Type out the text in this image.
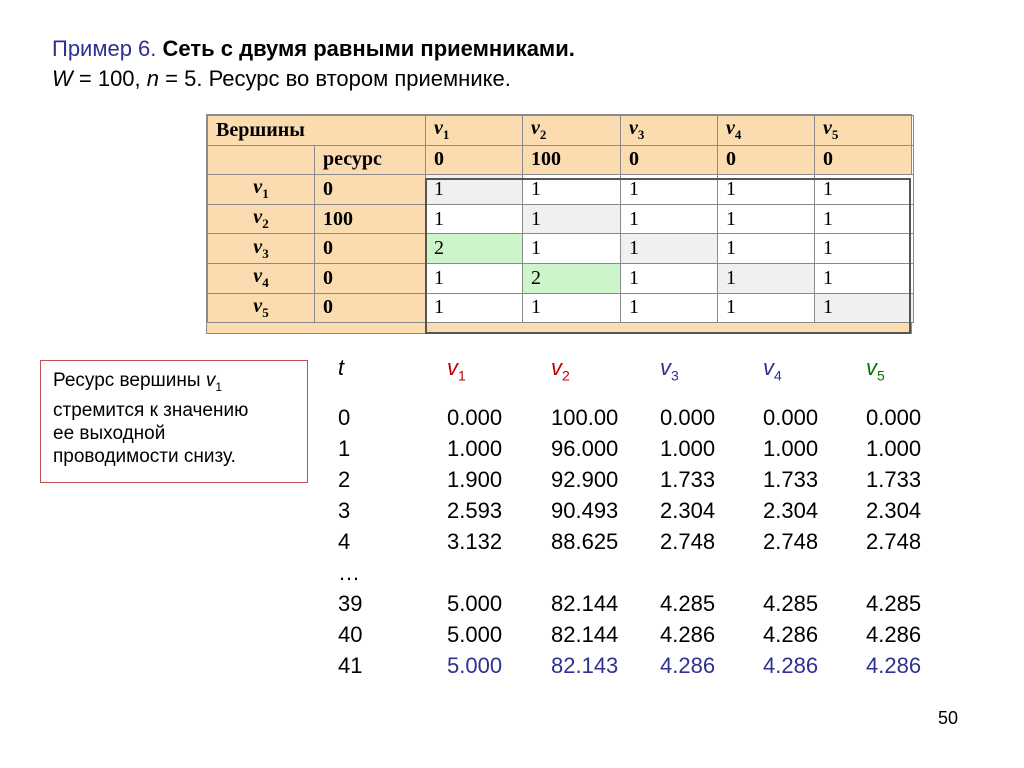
Пример 6. Сеть с двумя равными приемниками.
W = 100, n = 5. Ресурс во втором приемнике.
Вершины		$v_1$	$v_2$	$v_3$	$v_4$	$v_5$
	ресурс	0	100	0	0	0
$v_1$	0	1	1	1	1	1
$v_2$	100	1	1	1	1	1
$v_3$	0	2	1	1	1	1
$v_4$	0	1	2	1	1	1
$v_5$	0	1	1	1	1	1
Ресурс вершины $v_1$
стремится к значению
ее выходной
проводимости снизу.
t	$v_1$	$v_2$	$v_3$	$v_4$	$v_5$
0	0.000 100.00 0.000 0.000 0.000
1	1.000 96.000 1.000 1.000 1.000
2	1.900 92.900 1.733 1.733 1.733
3	2.593 90.493 2.304 2.304 2.304
4	3.132 88.625 2.748 2.748 2.748
…
39	5.000 82.144 4.285 4.285 4.285
40	5.000 82.144 4.286 4.286 4.286
41	5.000 82.143 4.286 4.286 4.286
50
